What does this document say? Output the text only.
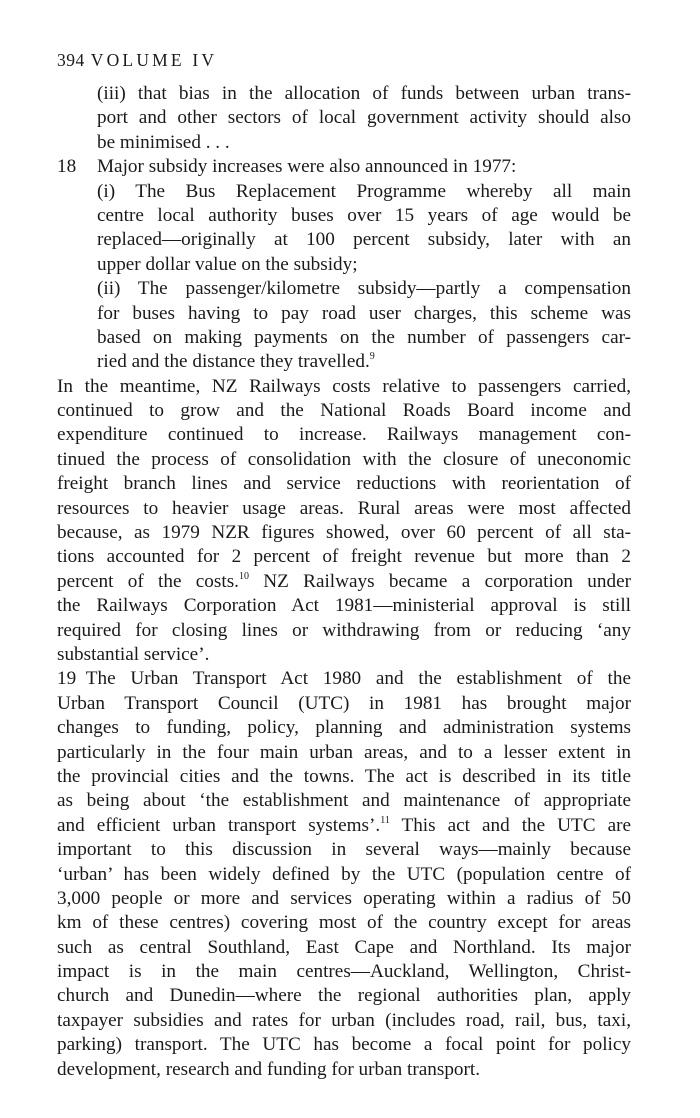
394 VOLUME IV
(iii) that bias in the allocation of funds between urban trans-
port and other sectors of local government activity should also
be minimised . . .
18 Major subsidy increases were also announced in 1977:
(i) The Bus Replacement Programme whereby all main
centre local authority buses over 15 years of age would be
replaced—originally at 100 percent subsidy, later with an
upper dollar value on the subsidy;
(ii) The passenger/kilometre subsidy—partly a compensation
for buses having to pay road user charges, this scheme was
based on making payments on the number of passengers car-
ried and the distance they travelled.$^9$
In the meantime, NZ Railways costs relative to passengers carried,
continued to grow and the National Roads Board income and
expenditure continued to increase. Railways management con-
tinued the process of consolidation with the closure of uneconomic
freight branch lines and service reductions with reorientation of
resources to heavier usage areas. Rural areas were most affected
because, as 1979 NZR figures showed, over 60 percent of all sta-
tions accounted for 2 percent of freight revenue but more than 2
percent of the costs.$^{10}$ NZ Railways became a corporation under
the Railways Corporation Act 1981—ministerial approval is still
required for closing lines or withdrawing from or reducing ‘any
substantial service’.
19  The Urban Transport Act 1980 and the establishment of the
Urban Transport Council (UTC) in 1981 has brought major
changes to funding, policy, planning and administration systems
particularly in the four main urban areas, and to a lesser extent in
the provincial cities and the towns. The act is described in its title
as being about ‘the establishment and maintenance of appropriate
and efficient urban transport systems’.$^{11}$ This act and the UTC are
important to this discussion in several ways—mainly because
‘urban’ has been widely defined by the UTC (population centre of
3,000 people or more and services operating within a radius of 50
km of these centres) covering most of the country except for areas
such as central Southland, East Cape and Northland. Its major
impact is in the main centres—Auckland, Wellington, Christ-
church and Dunedin—where the regional authorities plan, apply
taxpayer subsidies and rates for urban (includes road, rail, bus, taxi,
parking) transport. The UTC has become a focal point for policy
development, research and funding for urban transport.
